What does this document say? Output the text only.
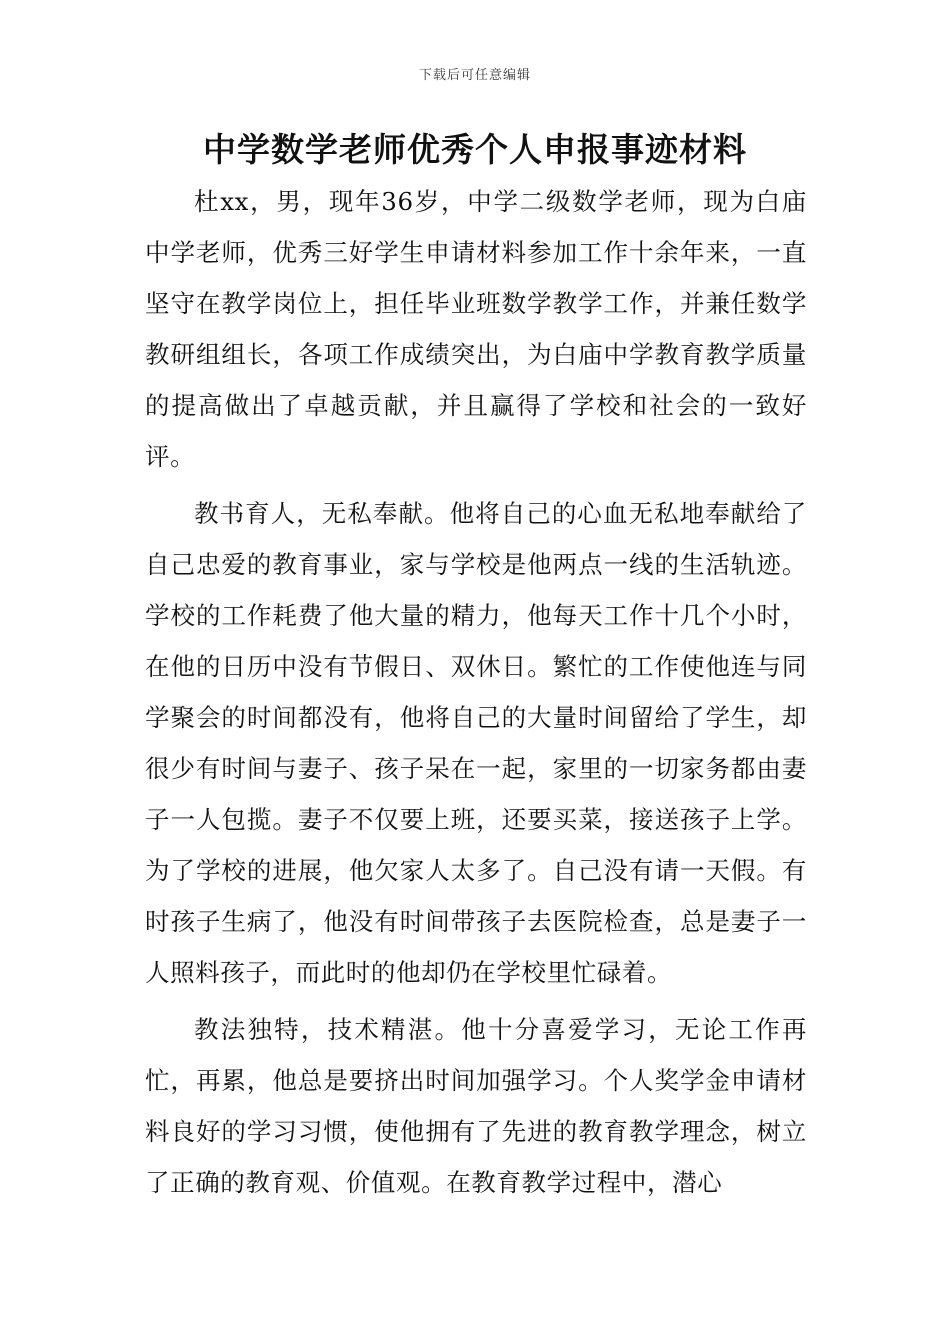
下载后可任意编辑
中学数学老师优秀个人申报事迹材料

杜xx，男，现年36岁，中学二级数学老师，现为白庙中学老师，优秀三好学生申请材料参加工作十余年来，一直坚守在教学岗位上，担任毕业班数学教学工作，并兼任数学教研组组长，各项工作成绩突出，为白庙中学教育教学质量的提高做出了卓越贡献，并且赢得了学校和社会的一致好评。

教书育人，无私奉献。他将自己的心血无私地奉献给了自己忠爱的教育事业，家与学校是他两点一线的生活轨迹。学校的工作耗费了他大量的精力，他每天工作十几个小时，在他的日历中没有节假日、双休日。繁忙的工作使他连与同学聚会的时间都没有，他将自己的大量时间留给了学生，却很少有时间与妻子、孩子呆在一起，家里的一切家务都由妻子一人包揽。妻子不仅要上班，还要买菜，接送孩子上学。为了学校的进展，他欠家人太多了。自己没有请一天假。有时孩子生病了，他没有时间带孩子去医院检查，总是妻子一人照料孩子，而此时的他却仍在学校里忙碌着。

教法独特，技术精湛。他十分喜爱学习，无论工作再忙，再累，他总是要挤出时间加强学习。个人奖学金申请材料良好的学习习惯，使他拥有了先进的教育教学理念，树立了正确的教育观、价值观。在教育教学过程中，潜心
